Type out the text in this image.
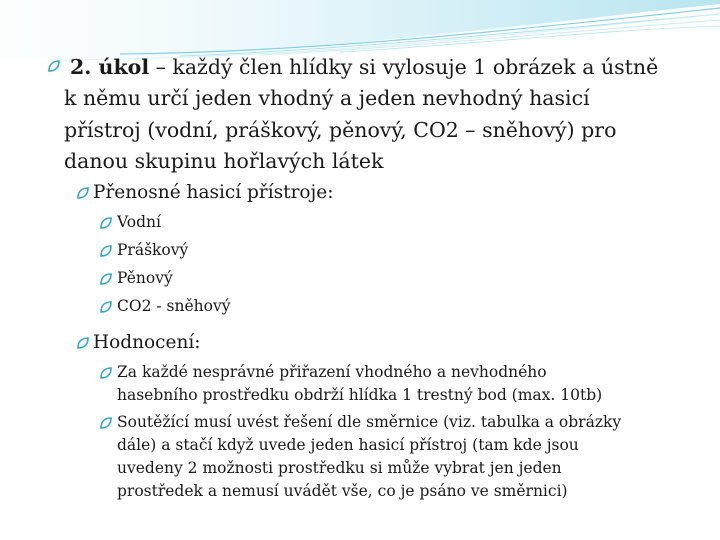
2. úkol – každý člen hlídky si vylosuje 1 obrázek a ústně
k němu určí jeden vhodný a jeden nevhodný hasicí
přístroj (vodní, práškový, pěnový, CO2 – sněhový) pro
danou skupinu hořlavých látek
Přenosné hasicí přístroje:
Vodní
Práškový
Pěnový
CO2 - sněhový
Hodnocení:
Za každé nesprávné přiřazení vhodného a nevhodného
hasebního prostředku obdrží hlídka 1 trestný bod (max. 10tb)
Soutěžící musí uvést řešení dle směrnice (viz. tabulka a obrázky
dále) a stačí když uvede jeden hasicí přístroj (tam kde jsou
uvedeny 2 možnosti prostředku si může vybrat jen jeden
prostředek a nemusí uvádět vše, co je psáno ve směrnici)
